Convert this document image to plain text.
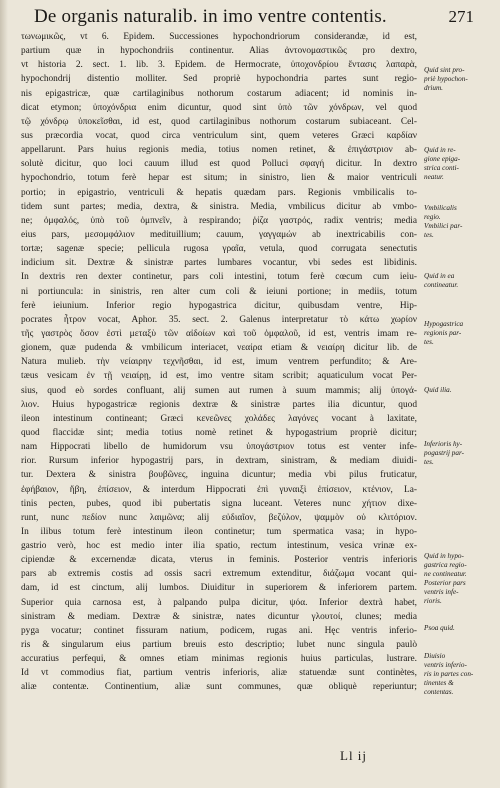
De organis naturalib. in imo ventre contentis.	271
τωνωμικῶς, vt 6. Epidem. Successiones hypochondriorum considerandæ, id est,
partium quæ in hypochondriis continentur. Alias ἀντονομαστικῶς pro dextro,
vt historia 2. sect. 1. lib. 3. Epidem. de Hermocrate, ὑποχονδρίου ἔντασις λαπαρὰ,
hypochondrij distentio molliter. Sed propriè hypochondria partes sunt regio-
nis epigastricæ, quæ cartilaginibus nothorum costarum adiacent; id nominis in-
dicat etymon; ὑποχόνδρια enim dicuntur, quod sint ὑπὸ τῶν χόνδρων, vel quod
τῷ χόνδρῳ ὑποκεῖσθαι, id est, quod cartilaginibus nothorum costarum subiaceant. Cel-
sus præcordia vocat, quod circa ventriculum sint, quem veteres Græci καρδίαν
appellarunt. Pars huius regionis media, totius nomen retinet, & ἐπιγάστριον ab-
solutè dicitur, quo loci cauum illud est quod Polluci σφαγή dicitur. In dextro
hypochondrio, totum ferè hepar est situm; in sinistro, lien & maior ventriculi
portio; in epigastrio, ventriculi & hepatis quædam pars. Regionis vmbilicalis to-
tidem sunt partes; media, dextra, & sinistra. Media, vmbilicus dicitur ab vmbo-
ne; ὀμφαλός, ὑπὸ τοῦ ὀμπνεῖν, à respirando; ῥίζα γαστρός, radix ventris; media
eius pars, μεσομφάλιον medituillium; cauum, γαγγαμών ab inextricabilis con-
tortæ; sagenæ specie; pellicula rugosa γραῖα, vetula, quod corrugata senectutis
indicium sit. Dextræ & sinistræ partes lumbares vocantur, vbi sedes est libidinis.
In dextris ren dexter continetur, pars coli intestini, totum ferè cœcum cum ieiu-
ni portiuncula: in sinistris, ren alter cum coli & ieiuni portione; in mediis, totum
ferè ieiunium. Inferior regio hypogastrica dicitur, quibusdam ventre, Hip-
pocrates ἦτρον vocat, Aphor. 35. sect. 2. Galenus interpretatur τὸ κάτω χωρίον
τῆς γαστρὸς ὅσον ἐστὶ μεταξὺ τῶν αἰδοίων καὶ τοῦ ὀμφαλοῦ, id est, ventris imam re-
gionem, quæ pudenda & vmbilicum interiacet, νεαίρα etiam & νειαίρη dicitur lib. de
Natura mulieb. τὴν νείαιρην τεχνῆσθαι, id est, imum ventrem perfundito; & Are-
tæus vesicam ἐν τῇ νειαίρῃ, id est, imo ventre sitam scribit; aquaticulum vocat Per-
sius, quod eò sordes confluant, alij sumen aut rumen à suum mammis; alij ὑπογά-
λιον. Huius hypogastricæ regionis dextræ & sinistræ partes ilia dicuntur, quod
ileon intestinum contineant; Græci κενεῶνες χολάδες λαγόνες vocant à laxitate,
quod flaccidæ sint; media totius nomè retinet & hypogastrium propriè dicitur;
nam Hippocrati libello de humidorum vsu ὑπογάστριον totus est venter infe-
rior. Rursum inferior hypogastrij pars, in dextram, sinistram, & mediam diuidi-
tur. Dextera & sinistra βουβῶνες, inguina dicuntur; media vbi pilus fruticatur,
ἐφήβαιον, ἥβη, ἐπίσειον, & interdum Hippocrati ἐπὶ γυναιξὶ ἐπίσειον, κτένιον, La-
tinis pecten, pubes, quod ibi pubertatis signa luceant. Veteres nunc χήτιον dixe-
runt, nunc πεδίον nunc λαιμῶνα; alij εὐδιαῖον, βεζύλον, ψαμμὸν οὐ κλιτόριον.
In ilibus totum ferè intestinum ileon continetur; tum spermatica vasa; in hypo-
gastrio verò, hoc est medio inter ilia spatio, rectum intestinum, vesica vrinæ ex-
cipiendæ & excernendæ dicata, vterus in feminis. Posterior ventris inferioris
pars ab extremis costis ad ossis sacri extremum extenditur, διάζωμα vocant qui-
dam, id est cinctum, alij lumbos. Diuiditur in superiorem & inferiorem partem.
Superior quia carnosa est, à palpando pulpa dicitur, ψόα. Inferior dextrà habet,
sinistram & mediam. Dextræ & sinistræ, nates dicuntur γλουτοί, clunes; media
pyga vocatur; continet fissuram natium, podicem, rugas ani. Hęc ventris inferio-
ris & singularum eius partium breuis esto descriptio; lubet nunc singula paulò
accuratius perfequi, & omnes etiam minimas regionis huius particulas, lustrare.
Id vt commodius fiat, partium ventris inferioris, aliæ statuendæ sunt continètes,
aliæ contentæ. Continentium, aliæ sunt communes, quæ obliquè reperiuntur;
Quid sint pro-
priè hypochon-
drium.
Quid in re-
gione epiga-
strica conti-
neatur.
Vmbilicalis
regio.
Vmbilici par-
tes.
Quid in ea
contineatur.
Hypogastrica
regionis par-
tes.
Quid ilia.
Inferioris hy-
pogastrij par-
tes.
Quid in hypo-
gastrica regio-
ne contineatur.
Posterior pars
ventris infe-
rioris.
Psoa quid.
Diuisio
ventris inferio-
ris in partes con-
tinentes &
contentas.
Ll ij
